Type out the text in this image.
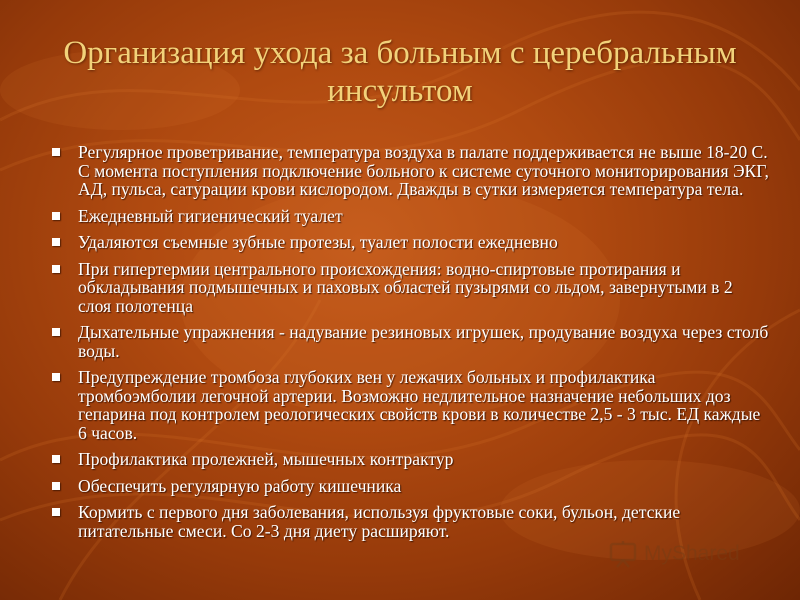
Организация ухода за больным с церебральным инсультом
Регулярное проветривание, температура воздуха в палате поддерживается не выше 18-20 С. С момента поступления подключение больного к системе суточного мониторирования ЭКГ, АД, пульса, сатурации крови кислородом. Дважды в сутки измеряется температура тела.
Ежедневный гигиенический туалет
Удаляются съемные зубные протезы, туалет полости ежедневно
При гипертермии центрального происхождения: водно-спиртовые протирания и обкладывания подмышечных и паховых областей пузырями со льдом, завернутыми в 2 слоя полотенца
Дыхательные упражнения - надувание резиновых игрушек, продувание воздуха через столб воды.
Предупреждение тромбоза глубоких вен у лежачих больных и профилактика тромбоэмболии легочной артерии. Возможно недлительное назначение небольших доз гепарина под контролем реологических свойств крови в количестве 2,5 - 3 тыс. ЕД каждые 6 часов.
Профилактика пролежней, мышечных контрактур
Обеспечить регулярную работу кишечника
Кормить с первого дня заболевания, используя фруктовые соки, бульон, детские питательные смеси. Со 2-3 дня диету расширяют.
MyShared
